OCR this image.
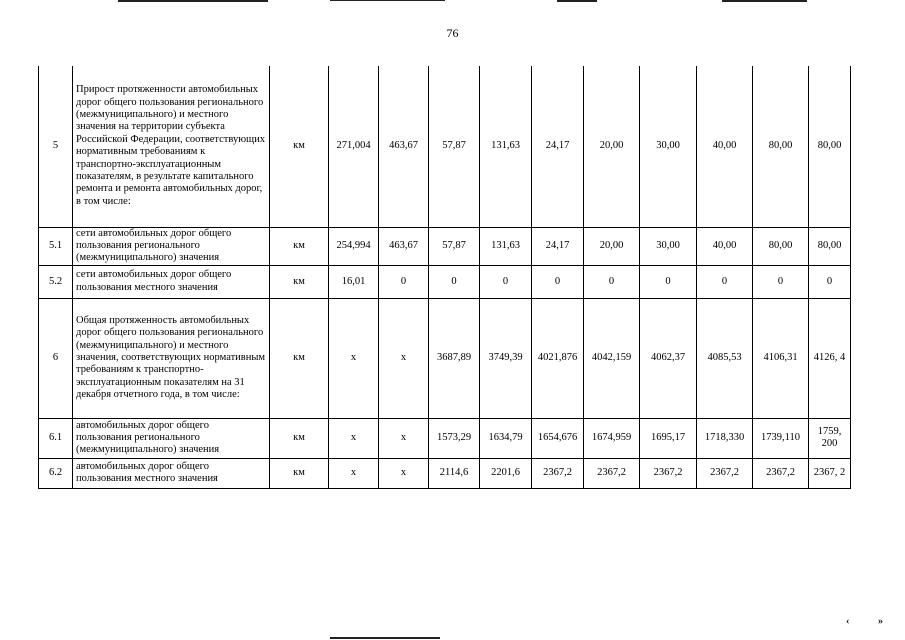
76
5	Прирост протяженности автомобильных дорог общего пользования регионального (межмуниципального) и местного значения на территории субъекта Российской Федерации, соответствующих нормативным требованиям к транспортно-эксплуатационным показателям, в результате капитального ремонта и ремонта автомобильных дорог, в том числе:	км	271,004	463,67	57,87	131,63	24,17	20,00	30,00	40,00	80,00	80,00
5.1	сети автомобильных дорог общего пользования регионального (межмуниципального) значения	км	254,994	463,67	57,87	131,63	24,17	20,00	30,00	40,00	80,00	80,00
5.2	сети автомобильных дорог общего пользования местного значения	км	16,01	0	0	0	0	0	0	0	0	0
6	Общая протяженность автомобильных дорог общего пользования регионального (межмуниципального) и местного значения, соответствующих нормативным требованиям к транспортно-эксплуатационным показателям на 31 декабря отчетного года, в том числе:	км	x	x	3687,89	3749,39	4021,876	4042,159	4062,37	4085,53	4106,31	4126, 4
6.1	автомобильных дорог общего пользования регионального (межмуниципального) значения	км	x	x	1573,29	1634,79	1654,676	1674,959	1695,17	1718,330	1739,110	1759, 200
6.2	автомобильных дорог общего пользования местного значения	км	x	x	2114,6	2201,6	2367,2	2367,2	2367,2	2367,2	2367,2	2367, 2
‹	»
